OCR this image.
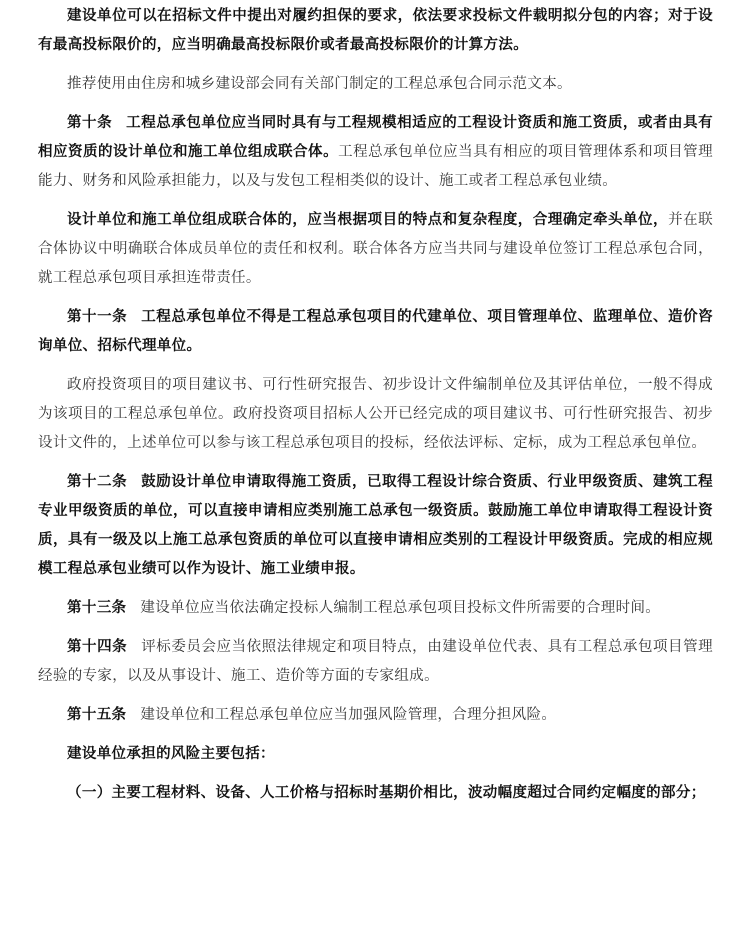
建设单位可以在招标文件中提出对履约担保的要求，依法要求投标文件载明拟分包的内容；对于设有最高投标限价的，应当明确最高投标限价或者最高投标限价的计算方法。

推荐使用由住房和城乡建设部会同有关部门制定的工程总承包合同示范文本。

第十条 工程总承包单位应当同时具有与工程规模相适应的工程设计资质和施工资质，或者由具有相应资质的设计单位和施工单位组成联合体。工程总承包单位应当具有相应的项目管理体系和项目管理能力、财务和风险承担能力，以及与发包工程相类似的设计、施工或者工程总承包业绩。

设计单位和施工单位组成联合体的，应当根据项目的特点和复杂程度，合理确定牵头单位，并在联合体协议中明确联合体成员单位的责任和权利。联合体各方应当共同与建设单位签订工程总承包合同，就工程总承包项目承担连带责任。

第十一条 工程总承包单位不得是工程总承包项目的代建单位、项目管理单位、监理单位、造价咨询单位、招标代理单位。

政府投资项目的项目建议书、可行性研究报告、初步设计文件编制单位及其评估单位，一般不得成为该项目的工程总承包单位。政府投资项目招标人公开已经完成的项目建议书、可行性研究报告、初步设计文件的，上述单位可以参与该工程总承包项目的投标，经依法评标、定标，成为工程总承包单位。

第十二条 鼓励设计单位申请取得施工资质，已取得工程设计综合资质、行业甲级资质、建筑工程专业甲级资质的单位，可以直接申请相应类别施工总承包一级资质。鼓励施工单位申请取得工程设计资质，具有一级及以上施工总承包资质的单位可以直接申请相应类别的工程设计甲级资质。完成的相应规模工程总承包业绩可以作为设计、施工业绩申报。

第十三条 建设单位应当依法确定投标人编制工程总承包项目投标文件所需要的合理时间。

第十四条 评标委员会应当依照法律规定和项目特点，由建设单位代表、具有工程总承包项目管理经验的专家，以及从事设计、施工、造价等方面的专家组成。

第十五条 建设单位和工程总承包单位应当加强风险管理，合理分担风险。

建设单位承担的风险主要包括：

（一）主要工程材料、设备、人工价格与招标时基期价相比，波动幅度超过合同约定幅度的部分；
